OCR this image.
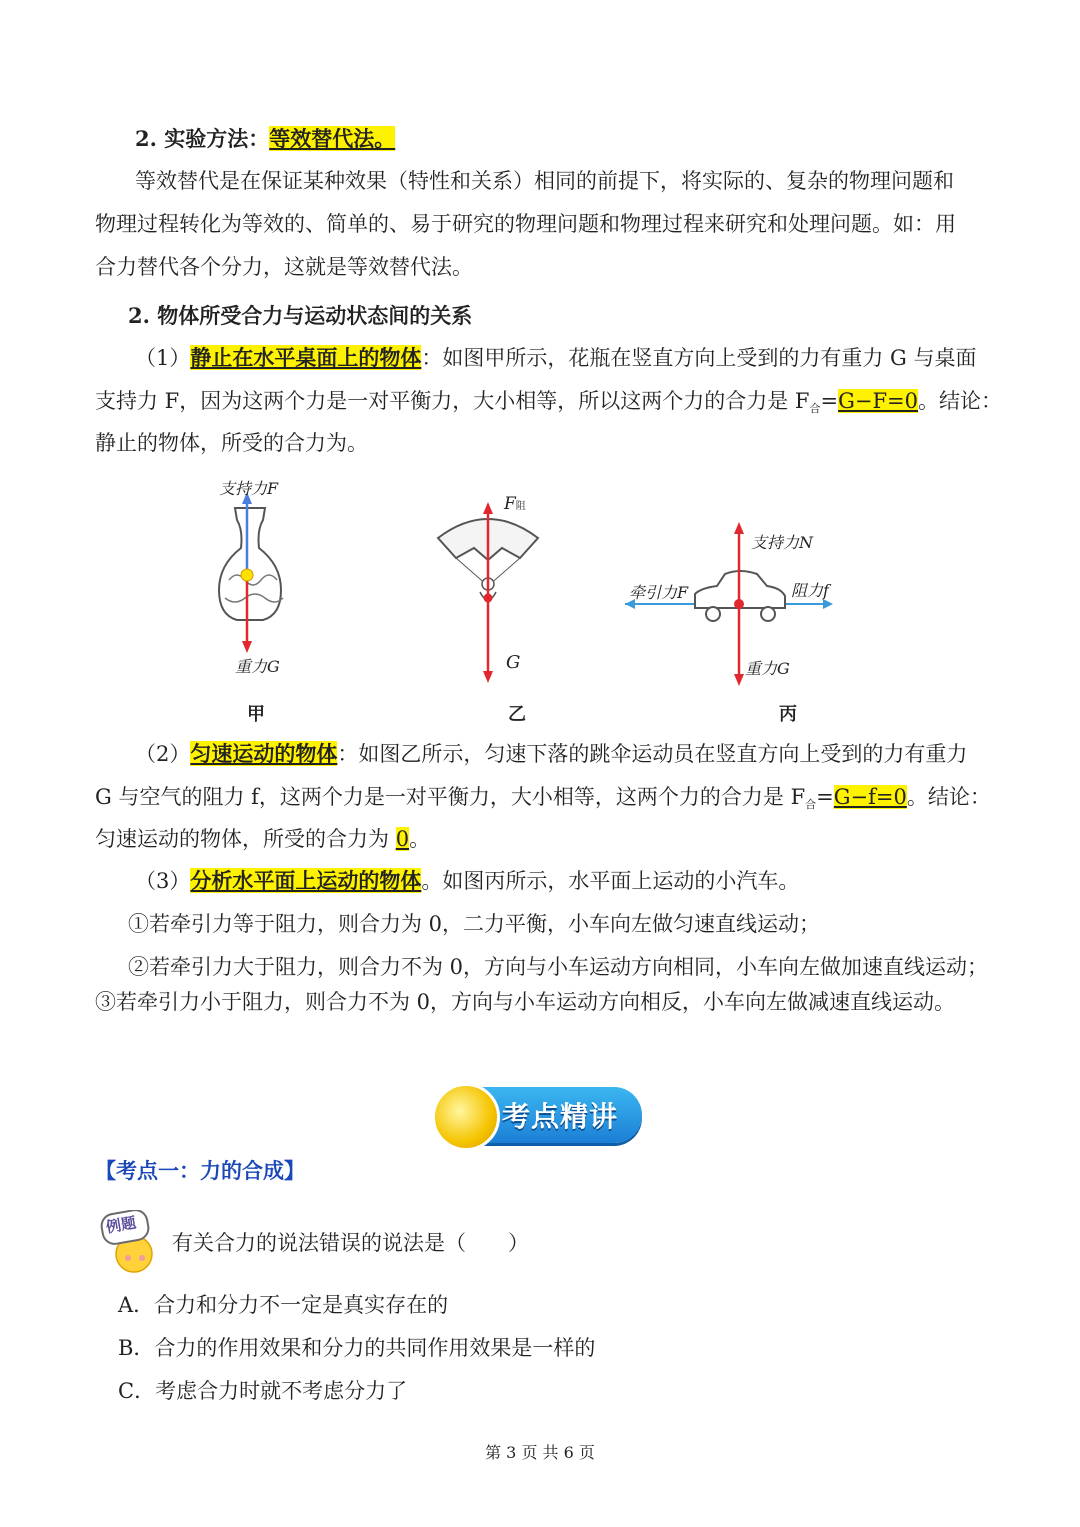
2. 实验方法：等效替代法。
等效替代是在保证某种效果（特性和关系）相同的前提下，将实际的、复杂的物理问题和
物理过程转化为等效的、简单的、易于研究的物理问题和物理过程来研究和处理问题。如：用
合力替代各个分力，这就是等效替代法。
2. 物体所受合力与运动状态间的关系
（1）静止在水平桌面上的物体：如图甲所示，花瓶在竖直方向上受到的力有重力 G 与桌面
支持力 F，因为这两个力是一对平衡力，大小相等，所以这两个力的合力是 $F_合=G-F=0$。结论：
静止的物体，所受的合力为。
支持力F
重力G
甲
F阻
G
乙
支持力N
牵引力F	阻力f
重力G
丙
（2）匀速运动的物体：如图乙所示，匀速下落的跳伞运动员在竖直方向上受到的力有重力
G 与空气的阻力 f，这两个力是一对平衡力，大小相等，这两个力的合力是 $F_合=G-f=0$。结论：
匀速运动的物体，所受的合力为 0。
（3）分析水平面上运动的物体。如图丙所示，水平面上运动的小汽车。
①若牵引力等于阻力，则合力为 0，二力平衡，小车向左做匀速直线运动；
②若牵引力大于阻力，则合力不为 0，方向与小车运动方向相同，小车向左做加速直线运动；
③若牵引力小于阻力，则合力不为 0，方向与小车运动方向相反，小车向左做减速直线运动。
考点精讲
【考点一：力的合成】
例题
有关合力的说法错误的说法是（　　）
A．合力和分力不一定是真实存在的
B．合力的作用效果和分力的共同作用效果是一样的
C．考虑合力时就不考虑分力了
第 3 页 共 6 页
